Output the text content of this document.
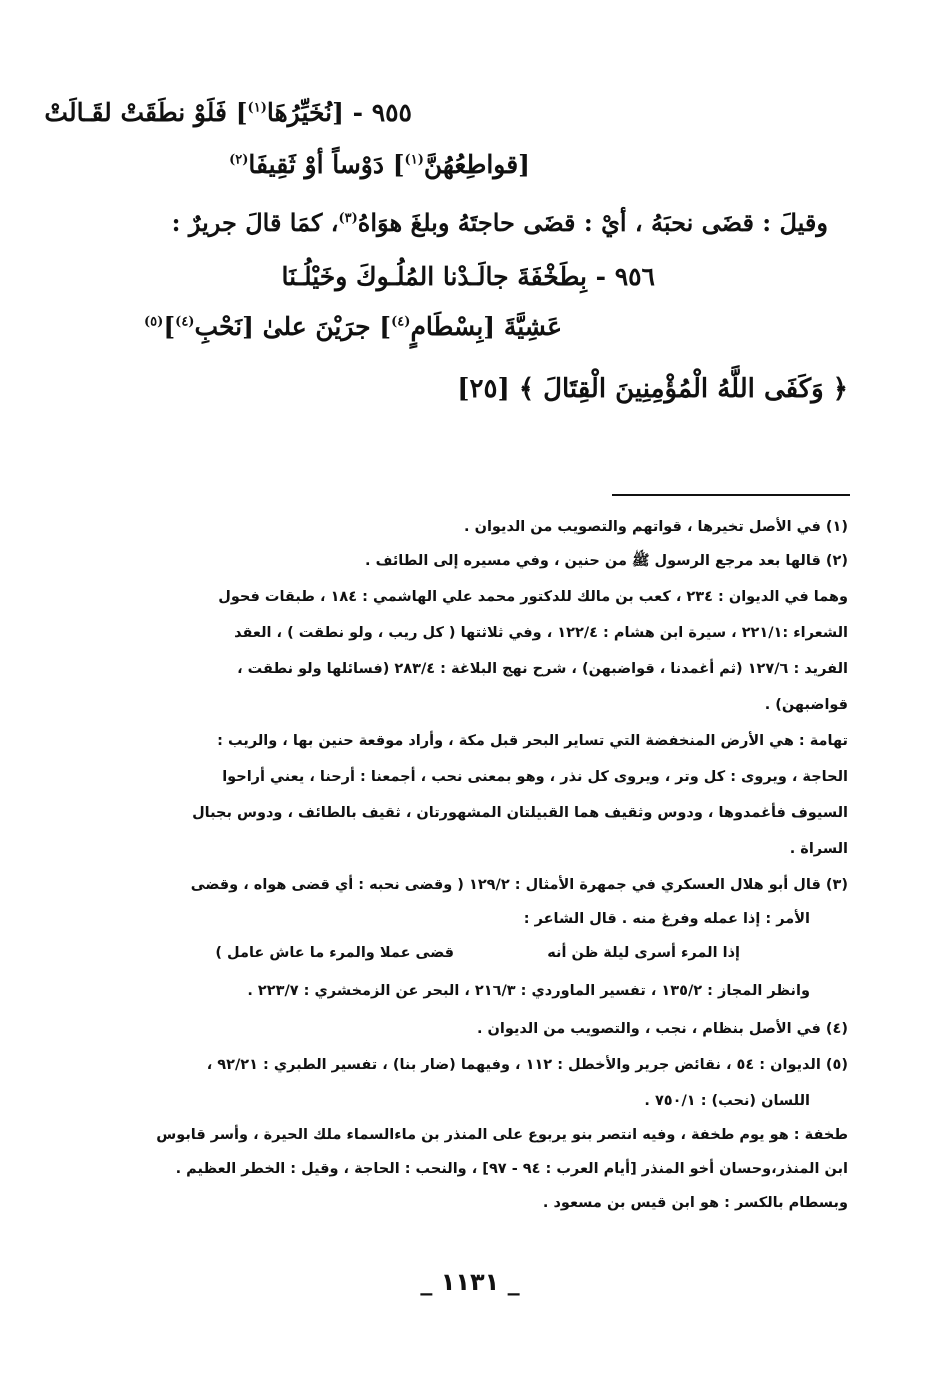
٩٥٥ - [نُخَيِّرُهَا$^{(١)}$] فَلَوْ نطَقَتْ لقَـالَتْ
[قواطِعُهُنَّ$^{(١)}$] دَوْساً أوْ ثَقِيفَا$^{(٢)}$
وقيلَ : قضَى نحبَهُ ، أيْ : قضَى حاجتَهُ وبلغَ هوَاهُ$^{(٣)}$، كمَا قالَ جريرٌ :
٩٥٦ - بِطَخْفَةَ جالَـدْنا المُلُـوكَ وخَيْلُـنَا
عَشِيَّةَ [بِسْطَامٍ$^{(٤)}$] جرَيْنَ علىٰ [نَحْبِ$^{(٤)}$]$^{(٥)}$
﴿ وَكَفَى اللَّهُ الْمُؤْمِنِينَ الْقِتَالَ ﴾ [٢٥]
(١) في الأصل تخيرها ، قواتهم والتصويب من الديوان .
(٢) قالها بعد مرجع الرسول ﷺ من حنين ، وفي مسيره إلى الطائف .
وهما في الديوان : ٢٣٤ ، كعب بن مالك للدكتور محمد علي الهاشمي : ١٨٤ ، طبقات فحول
الشعراء :٢٢١/١ ، سيرة ابن هشام : ١٢٢/٤ ، وفي ثلاثتها ( كل ريب ، ولو نطقت ) ، العقد
الفريد : ١٢٧/٦ (ثم أغمدنا ، قواضبهن) ، شرح نهج البلاغة : ٢٨٣/٤ (فسائلها ولو نطقت ،
قواضبهن) .
تهامة : هي الأرض المنخفضة التي تساير البحر قبل مكة ، وأراد موقعة حنين بها ، والريب :
الحاجة ، ويروى : كل وتر ، ويروى كل نذر ، وهو بمعنى نحب ، أجمعنا : أرحنا ، يعني أراحوا
السيوف فأغمدوها ، ودوس وثقيف هما القبيلتان المشهورتان ، ثقيف بالطائف ، ودوس بجبال
السراة .
(٣) قال أبو هلال العسكري في جمهرة الأمثال : ١٢٩/٢ ( وقضى نحبه : أي قضى هواه ، وقضى
الأمر : إذا عمله وفرغ منه . قال الشاعر :
إذا المرء أسرى ليلة ظن أنه
قضى عملا والمرء ما عاش عامل )
وانظر المجاز : ١٣٥/٢ ، تفسير الماوردي : ٢١٦/٣ ، البحر عن الزمخشري : ٢٢٣/٧ .
(٤) في الأصل بنظام ، نجب ، والتصويب من الديوان .
(٥) الديوان : ٥٤ ، نقائض جرير والأخطل : ١١٢ ، وفيهما (ضار بنا) ، تفسير الطبري : ٩٢/٢١ ،
اللسان (نحب) : ٧٥٠/١ .
طخفة : هو يوم طخفة ، وفيه انتصر بنو يربوع على المنذر بن ماءالسماء ملك الحيرة ، وأسر قابوس
ابن المنذر،وحسان أخو المنذر [أيام العرب : ٩٤ - ٩٧] ، والنحب : الحاجة ، وقيل : الخطر العظيم .
وبسطام بالكسر : هو ابن قيس بن مسعود .
_ ١١٣١ _
